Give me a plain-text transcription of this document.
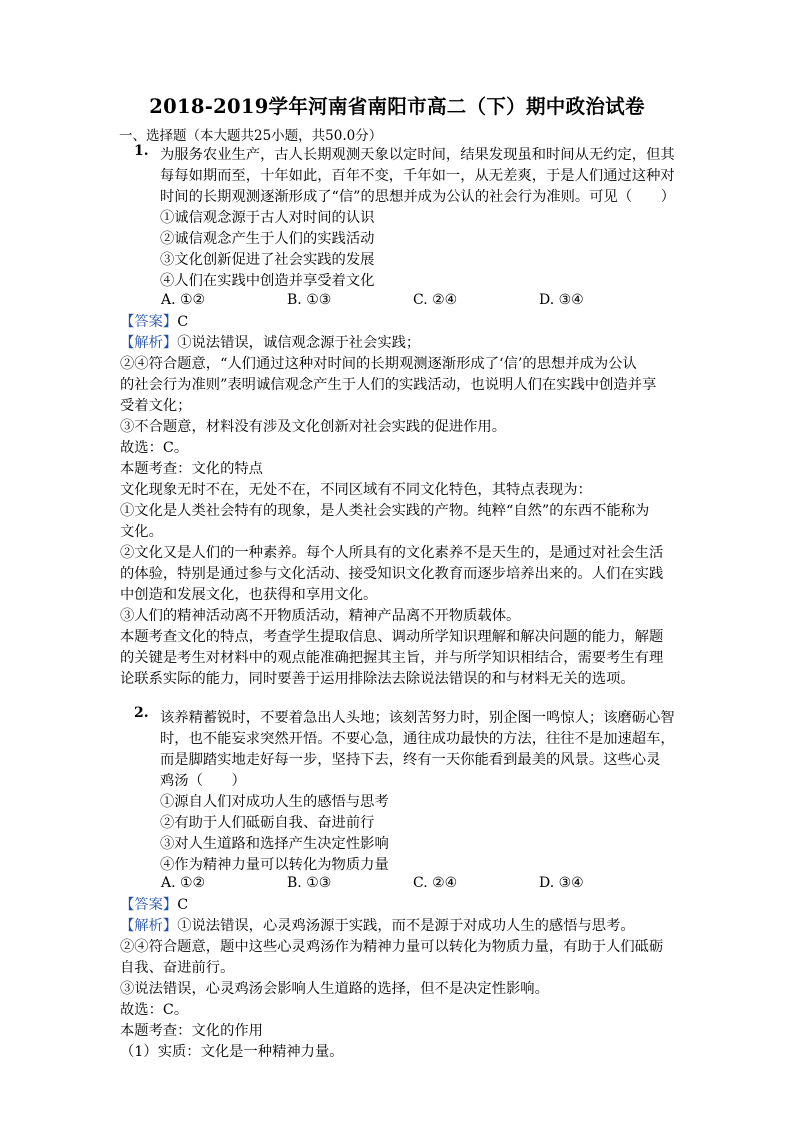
2018-2019学年河南省南阳市高二（下）期中政治试卷
一、选择题（本大题共25小题，共50.0分）
1. 为服务农业生产，古人长期观测天象以定时间，结果发现虽和时间从无约定，但其
每每如期而至，十年如此，百年不变，千年如一，从无差爽，于是人们通过这种对
时间的长期观测逐渐形成了“信”的思想并成为公认的社会行为准则。可见（　　）
①诚信观念源于古人对时间的认识
②诚信观念产生于人们的实践活动
③文化创新促进了社会实践的发展
④人们在实践中创造并享受着文化
A. ①②	B. ①③	C. ②④	D. ③④
【答案】C
【解析】①说法错误，诚信观念源于社会实践；
②④符合题意，“人们通过这种对时间的长期观测逐渐形成了‘信’的思想并成为公认
的社会行为准则”表明诚信观念产生于人们的实践活动，也说明人们在实践中创造并享
受着文化；
③不合题意，材料没有涉及文化创新对社会实践的促进作用。
故选：C。
本题考查：文化的特点
文化现象无时不在，无处不在，不同区域有不同文化特色，其特点表现为：
①文化是人类社会特有的现象，是人类社会实践的产物。纯粹“自然”的东西不能称为
文化。
②文化又是人们的一种素养。每个人所具有的文化素养不是天生的，是通过对社会生活
的体验，特别是通过参与文化活动、接受知识文化教育而逐步培养出来的。人们在实践
中创造和发展文化，也获得和享用文化。
③人们的精神活动离不开物质活动，精神产品离不开物质载体。
本题考查文化的特点，考查学生提取信息、调动所学知识理解和解决问题的能力，解题
的关键是考生对材料中的观点能准确把握其主旨，并与所学知识相结合，需要考生有理
论联系实际的能力，同时要善于运用排除法去除说法错误的和与材料无关的选项。
2. 该养精蓄锐时，不要着急出人头地；该刻苦努力时，别企图一鸣惊人；该磨砺心智
时，也不能妄求突然开悟。不要心急，通往成功最快的方法，往往不是加速超车，
而是脚踏实地走好每一步，坚持下去，终有一天你能看到最美的风景。这些心灵
鸡汤（　　）
①源自人们对成功人生的感悟与思考
②有助于人们砥砺自我、奋进前行
③对人生道路和选择产生决定性影响
④作为精神力量可以转化为物质力量
A. ①②	B. ①③	C. ②④	D. ③④
【答案】C
【解析】①说法错误，心灵鸡汤源于实践，而不是源于对成功人生的感悟与思考。
②④符合题意，题中这些心灵鸡汤作为精神力量可以转化为物质力量，有助于人们砥砺
自我、奋进前行。
③说法错误，心灵鸡汤会影响人生道路的选择，但不是决定性影响。
故选：C。
本题考查：文化的作用
（1）实质：文化是一种精神力量。
